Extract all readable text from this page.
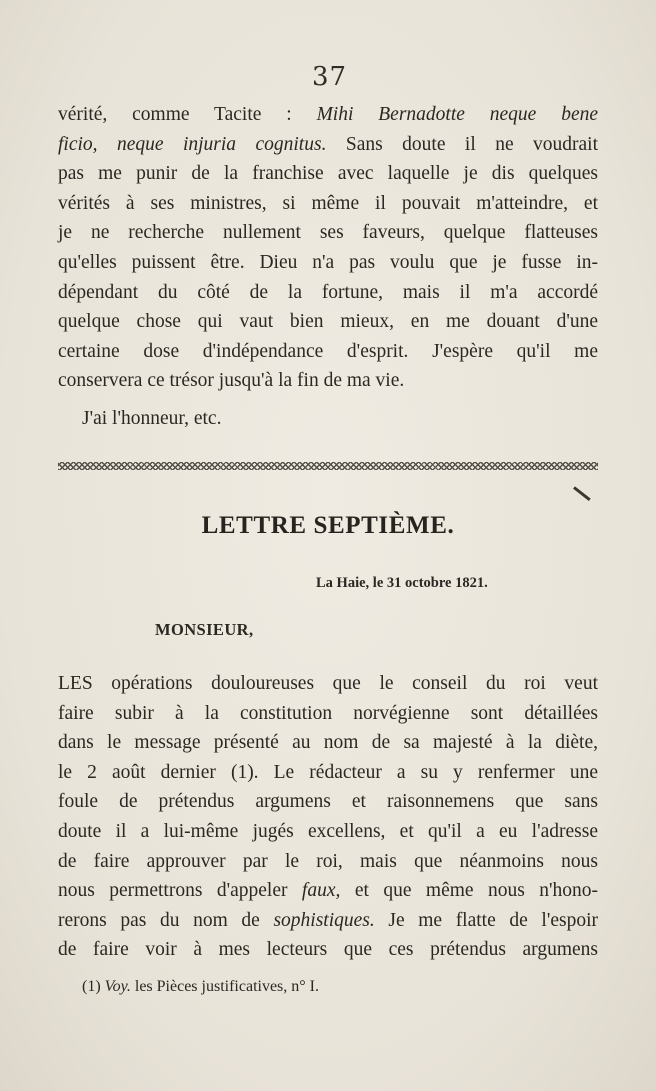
37
vérité, comme Tacite : Mihi Bernadotte neque bene
ficio, neque injuria cognitus. Sans doute il ne voudrait
pas me punir de la franchise avec laquelle je dis quelques
vérités à ses ministres, si même il pouvait m'atteindre, et
je ne recherche nullement ses faveurs, quelque flatteuses
qu'elles puissent être. Dieu n'a pas voulu que je fusse in-
dépendant du côté de la fortune, mais il m'a accordé
quelque chose qui vaut bien mieux, en me douant d'une
certaine dose d'indépendance d'esprit. J'espère qu'il me
conservera ce trésor jusqu'à la fin de ma vie.
J'ai l'honneur, etc.
LETTRE SEPTIÈME.
La Haie, le 31 octobre 1821.
MONSIEUR,
LES opérations douloureuses que le conseil du roi veut
faire subir à la constitution norvégienne sont détaillées
dans le message présenté au nom de sa majesté à la diète,
le 2 août dernier (1). Le rédacteur a su y renfermer une
foule de prétendus argumens et raisonnemens que sans
doute il a lui-même jugés excellens, et qu'il a eu l'adresse
de faire approuver par le roi, mais que néanmoins nous
nous permettrons d'appeler faux, et que même nous n'hono-
rerons pas du nom de sophistiques. Je me flatte de l'espoir
de faire voir à mes lecteurs que ces prétendus argumens
(1) Voy. les Pièces justificatives, n° I.
